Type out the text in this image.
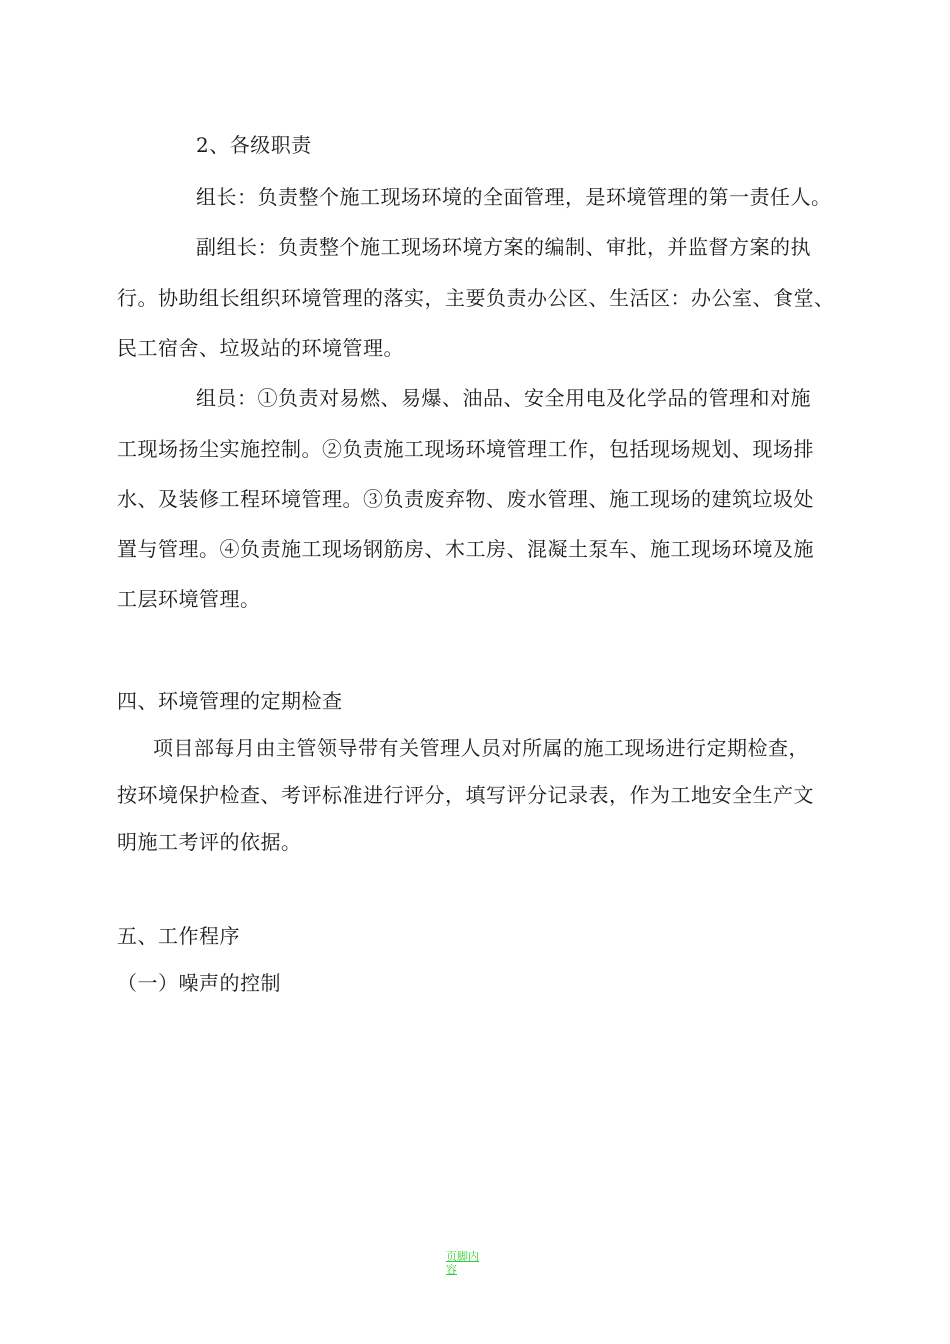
2、各级职责
组长：负责整个施工现场环境的全面管理，是环境管理的第一责任人。
副组长：负责整个施工现场环境方案的编制、审批，并监督方案的执
行。协助组长组织环境管理的落实，主要负责办公区、生活区：办公室、食堂、
民工宿舍、垃圾站的环境管理。
组员：①负责对易燃、易爆、油品、安全用电及化学品的管理和对施
工现场扬尘实施控制。②负责施工现场环境管理工作，包括现场规划、现场排
水、及装修工程环境管理。③负责废弃物、废水管理、施工现场的建筑垃圾处
置与管理。④负责施工现场钢筋房、木工房、混凝土泵车、施工现场环境及施
工层环境管理。
四、环境管理的定期检查
项目部每月由主管领导带有关管理人员对所属的施工现场进行定期检查，
按环境保护检查、考评标准进行评分，填写评分记录表，作为工地安全生产文
明施工考评的依据。
五、工作程序
（一）噪声的控制
页脚内容
